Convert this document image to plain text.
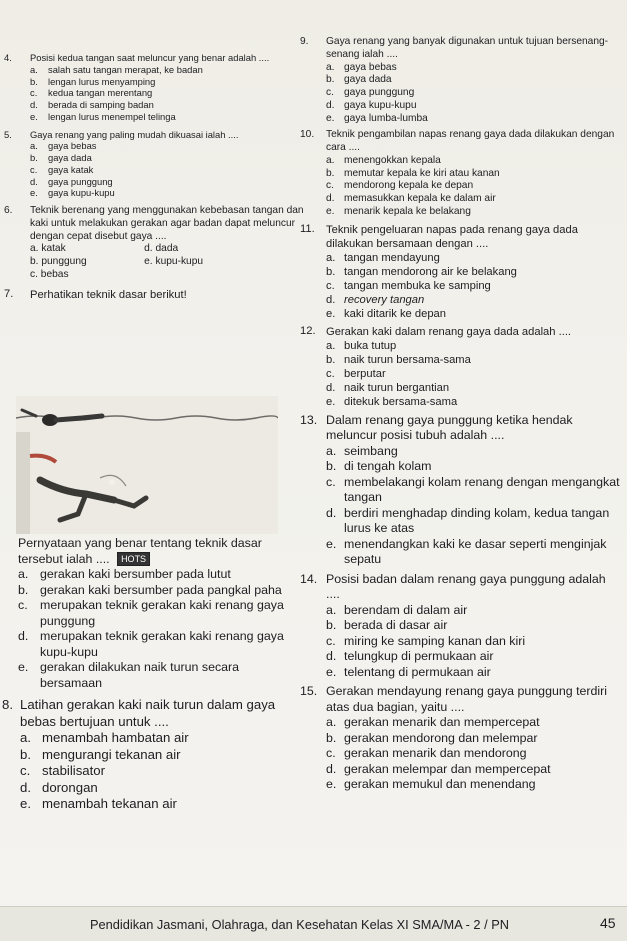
4. Posisi kedua tangan saat meluncur yang benar adalah ....
a.	salah satu tangan merapat, ke badan
b.	lengan lurus menyamping
c.	kedua tangan merentang
d.	berada di samping badan
e.	lengan lurus menempel telinga
5. Gaya renang yang paling mudah dikuasai ialah ....
a.	gaya bebas
b.	gaya dada
c.	gaya katak
d.	gaya punggung
e.	gaya kupu-kupu
6. Teknik berenang yang menggunakan kebebasan tangan dan kaki untuk melakukan gerakan agar badan dapat meluncur dengan cepat disebut gaya ....
a. katak	d. dada
b. punggung	e. kupu-kupu
c. bebas
7. Perhatikan teknik dasar berikut!
Pernyataan yang benar tentang teknik dasar tersebut ialah .... HOTS
a. gerakan kaki bersumber pada lutut
b. gerakan kaki bersumber pada pangkal paha
c. merupakan teknik gerakan kaki renang gaya punggung
d. merupakan teknik gerakan kaki renang gaya kupu-kupu
e. gerakan dilakukan naik turun secara bersamaan
8. Latihan gerakan kaki naik turun dalam gaya bebas bertujuan untuk ....
a. menambah hambatan air
b. mengurangi tekanan air
c. stabilisator
d. dorongan
e. menambah tekanan air
9. Gaya renang yang banyak digunakan untuk tujuan bersenang-senang ialah ....
a. gaya bebas
b. gaya dada
c. gaya punggung
d. gaya kupu-kupu
e. gaya lumba-lumba
10. Teknik pengambilan napas renang gaya dada dilakukan dengan cara ....
a. menengokkan kepala
b. memutar kepala ke kiri atau kanan
c. mendorong kepala ke depan
d. memasukkan kepala ke dalam air
e. menarik kepala ke belakang
11. Teknik pengeluaran napas pada renang gaya dada dilakukan bersamaan dengan ....
a. tangan mendayung
b. tangan mendorong air ke belakang
c. tangan membuka ke samping
d. recovery tangan
e. kaki ditarik ke depan
12. Gerakan kaki dalam renang gaya dada adalah ....
a. buka tutup
b. naik turun bersama-sama
c. berputar
d. naik turun bergantian
e. ditekuk bersama-sama
13. Dalam renang gaya punggung ketika hendak meluncur posisi tubuh adalah ....
a. seimbang
b. di tengah kolam
c. membelakangi kolam renang dengan mengangkat tangan
d. berdiri menghadap dinding kolam, kedua tangan lurus ke atas
e. menendangkan kaki ke dasar seperti menginjak sepatu
14. Posisi badan dalam renang gaya punggung adalah ....
a. berendam di dalam air
b. berada di dasar air
c. miring ke samping kanan dan kiri
d. telungkup di permukaan air
e. telentang di permukaan air
15. Gerakan mendayung renang gaya punggung terdiri atas dua bagian, yaitu ....
a. gerakan menarik dan mempercepat
b. gerakan mendorong dan melempar
c. gerakan menarik dan mendorong
d. gerakan melempar dan mempercepat
e. gerakan memukul dan menendang
Pendidikan Jasmani, Olahraga, dan Kesehatan Kelas XI SMA/MA - 2 / PN	45
